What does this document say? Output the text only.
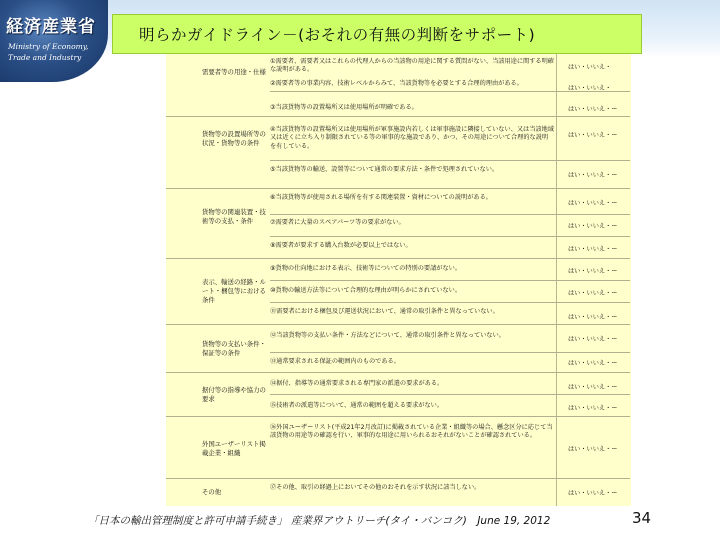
経済産業省
Ministry of Economy,
Trade and Industry
明らかガイドライン－(おそれの有無の判断をサポート)
需要者等の用途・仕様
①需要者、需要者又はこれらの代理人からの当該物の用途に関する質問がない、当該用途に関する明確な説明がある。	はい・いいえ・
②需要者等の事業内容、技術レベルからみて、当該貨物等を必要とする合理的理由がある。
はい・いいえ・
③当該貨物等の設置場所又は使用場所が明確である。	はい・いいえ・ー
貨物等の設置場所等の状況・貨物等の条件
④当該貨物等の設置場所又は使用場所が軍事施設内若しくは軍事施設に隣接していない、又は当該地域又は近くに立ち入り制限されている等の軍事的な施設であり、かつ、その用途について合理的な説明を有している。
はい・いいえ・ー
⑤当該貨物等の輸送、設置等について通常の要求方法・条件で処理されていない。
はい・いいえ・ー
貨物等の関連装置・技術等の支払・条件
⑥当該貨物等が使用される場所を有する関連装置・資材についての説明がある。
はい・いいえ・ー
⑦需要者に大量のスペアパーツ等の要求がない。
はい・いいえ・ー
⑧需要者が要求する購入台数が必要以上ではない。
はい・いいえ・ー
表示、輸送の経路・ルート・梱包等における条件
⑨貨物の仕向地における表示、技術等についての特別の要請がない。	はい・いいえ・ー
⑩貨物の輸送方法等について合理的な理由が明らかにされていない。	はい・いいえ・ー
⑪需要者における梱包及び運送状況において、通常の取引条件と異なっていない。
はい・いいえ・ー
貨物等の支払い条件・保証等の条件
⑫当該貨物等の支払い条件・方法などについて、通常の取引条件と異なっていない。
はい・いいえ・ー
⑬通常要求される保証の範囲内のものである。	はい・いいえ・ー
据付等の指導や協力の要求
⑭据付、指導等の通常要求される専門家の派遣の要求がある。
はい・いいえ・ー
⑮技術者の派遣等について、通常の範囲を超える要求がない。	はい・いいえ・ー
外国ユーザーリスト掲載企業・組織
⑯外国ユーザーリスト(平成21年2月改訂)に掲載されている企業・組織等の場合、懸念区分に応じて当該貨物の用途等の確認を行い、軍事的な用途に用いられるおそれがないことが確認されている。
はい・いいえ・ー
その他
⑰その他、取引の経過上においてその他のおそれを示す状況に該当しない。
はい・いいえ・ー
「日本の輸出管理制度と許可申請手続き」 産業界アウトリーチ(タイ・バンコク)　June 19, 2012	34
